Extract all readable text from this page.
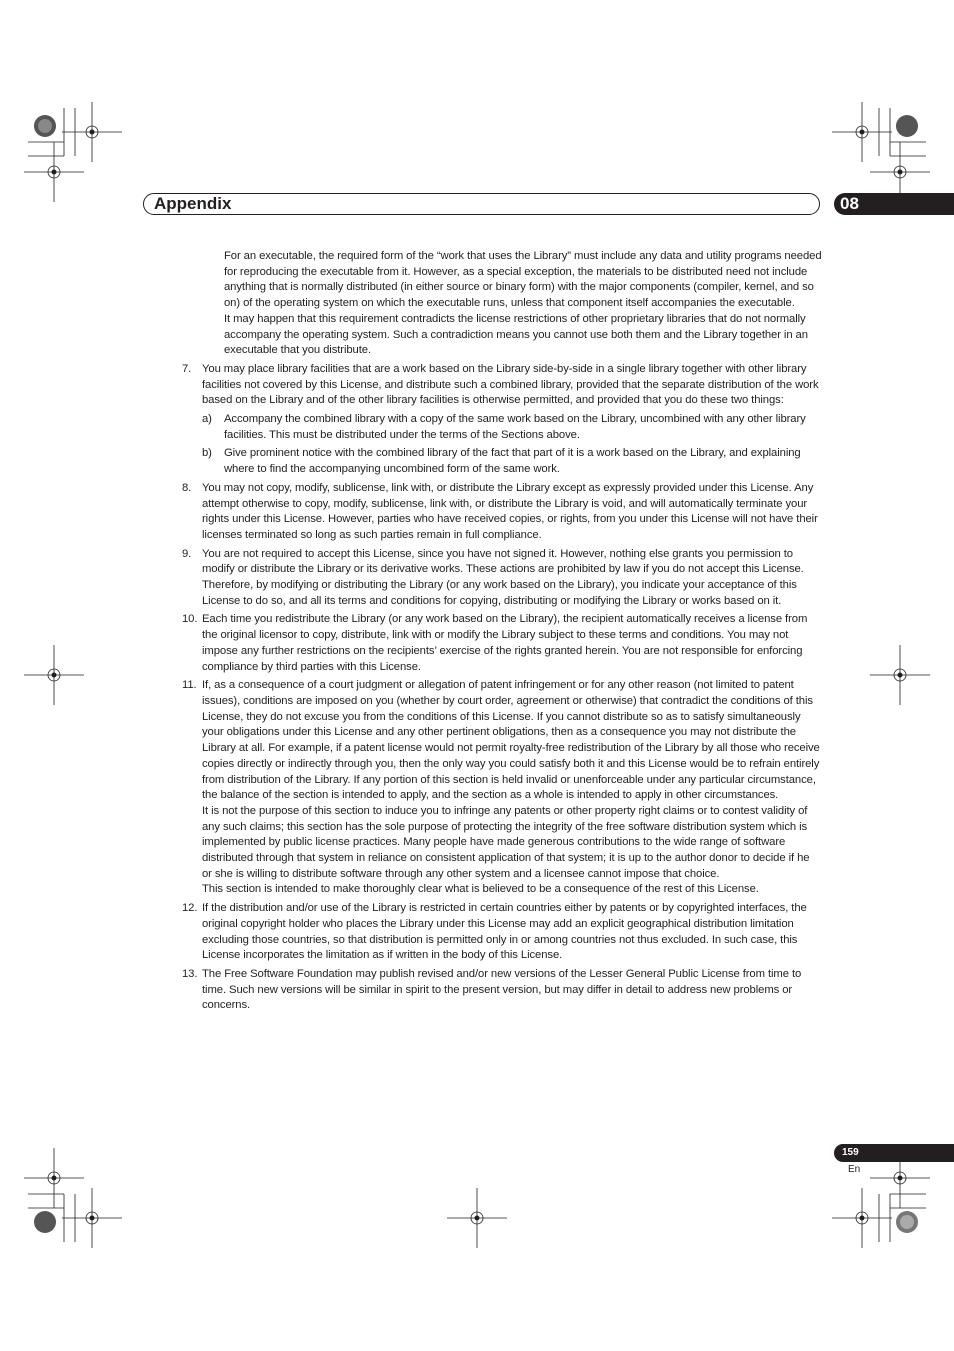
Appendix	08

For an executable, the required form of the “work that uses the Library” must include any data and utility programs needed for reproducing the executable from it. However, as a special exception, the materials to be distributed need not include anything that is normally distributed (in either source or binary form) with the major components (compiler, kernel, and so on) of the operating system on which the executable runs, unless that component itself accompanies the executable.

It may happen that this requirement contradicts the license restrictions of other proprietary libraries that do not normally accompany the operating system. Such a contradiction means you cannot use both them and the Library together in an executable that you distribute.

7. You may place library facilities that are a work based on the Library side-by-side in a single library together with other library facilities not covered by this License, and distribute such a combined library, provided that the separate distribution of the work based on the Library and of the other library facilities is otherwise permitted, and provided that you do these two things:

a)	Accompany the combined library with a copy of the same work based on the Library, uncombined with any other library facilities. This must be distributed under the terms of the Sections above.
b)	Give prominent notice with the combined library of the fact that part of it is a work based on the Library, and explaining where to find the accompanying uncombined form of the same work.
8. You may not copy, modify, sublicense, link with, or distribute the Library except as expressly provided under this License. Any attempt otherwise to copy, modify, sublicense, link with, or distribute the Library is void, and will automatically terminate your rights under this License. However, parties who have received copies, or rights, from you under this License will not have their licenses terminated so long as such parties remain in full compliance.

9. You are not required to accept this License, since you have not signed it. However, nothing else grants you permission to modify or distribute the Library or its derivative works. These actions are prohibited by law if you do not accept this License. Therefore, by modifying or distributing the Library (or any work based on the Library), you indicate your acceptance of this License to do so, and all its terms and conditions for copying, distributing or modifying the Library or works based on it.

10. Each time you redistribute the Library (or any work based on the Library), the recipient automatically receives a license from the original licensor to copy, distribute, link with or modify the Library subject to these terms and conditions. You may not impose any further restrictions on the recipients’ exercise of the rights granted herein. You are not responsible for enforcing compliance by third parties with this License.

11. If, as a consequence of a court judgment or allegation of patent infringement or for any other reason (not limited to patent issues), conditions are imposed on you (whether by court order, agreement or otherwise) that contradict the conditions of this License, they do not excuse you from the conditions of this License. If you cannot distribute so as to satisfy simultaneously your obligations under this License and any other pertinent obligations, then as a consequence you may not distribute the Library at all. For example, if a patent license would not permit royalty-free redistribution of the Library by all those who receive copies directly or indirectly through you, then the only way you could satisfy both it and this License would be to refrain entirely from distribution of the Library. If any portion of this section is held invalid or unenforceable under any particular circumstance, the balance of the section is intended to apply, and the section as a whole is intended to apply in other circumstances.

It is not the purpose of this section to induce you to infringe any patents or other property right claims or to contest validity of any such claims; this section has the sole purpose of protecting the integrity of the free software distribution system which is implemented by public license practices. Many people have made generous contributions to the wide range of software distributed through that system in reliance on consistent application of that system; it is up to the author donor to decide if he or she is willing to distribute software through any other system and a licensee cannot impose that choice.

This section is intended to make thoroughly clear what is believed to be a consequence of the rest of this License.

12. If the distribution and/or use of the Library is restricted in certain countries either by patents or by copyrighted interfaces, the original copyright holder who places the Library under this License may add an explicit geographical distribution limitation excluding those countries, so that distribution is permitted only in or among countries not thus excluded. In such case, this License incorporates the limitation as if written in the body of this License.

13. The Free Software Foundation may publish revised and/or new versions of the Lesser General Public License from time to time. Such new versions will be similar in spirit to the present version, but may differ in detail to address new problems or concerns.

159
En
